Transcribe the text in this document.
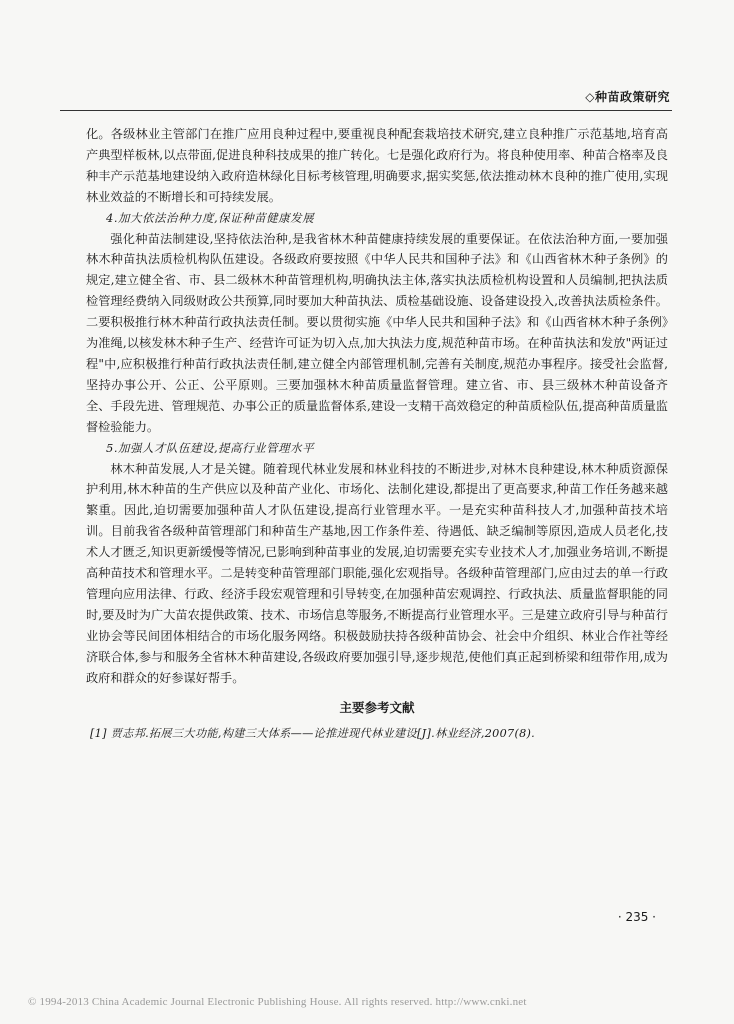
◇种苗政策研究

化。各级林业主管部门在推广应用良种过程中,要重视良种配套栽培技术研究,建立良种推广示范基地,培育高产典型样板林,以点带面,促进良种科技成果的推广转化。七是强化政府行为。将良种使用率、种苗合格率及良种丰产示范基地建设纳入政府造林绿化目标考核管理,明确要求,据实奖惩,依法推动林木良种的推广使用,实现林业效益的不断增长和可持续发展。

4.加大依法治种力度,保证种苗健康发展

强化种苗法制建设,坚持依法治种,是我省林木种苗健康持续发展的重要保证。在依法治种方面,一要加强林木种苗执法质检机构队伍建设。各级政府要按照《中华人民共和国种子法》和《山西省林木种子条例》的规定,建立健全省、市、县二级林木种苗管理机构,明确执法主体,落实执法质检机构设置和人员编制,把执法质检管理经费纳入同级财政公共预算,同时要加大种苗执法、质检基础设施、设备建设投入,改善执法质检条件。二要积极推行林木种苗行政执法责任制。要以贯彻实施《中华人民共和国种子法》和《山西省林木种子条例》为准绳,以核发林木种子生产、经营许可证为切入点,加大执法力度,规范种苗市场。在种苗执法和发放"两证过程"中,应积极推行种苗行政执法责任制,建立健全内部管理机制,完善有关制度,规范办事程序。接受社会监督,坚持办事公开、公正、公平原则。三要加强林木种苗质量监督管理。建立省、市、县三级林木种苗设备齐全、手段先进、管理规范、办事公正的质量监督体系,建设一支精干高效稳定的种苗质检队伍,提高种苗质量监督检验能力。

5.加强人才队伍建设,提高行业管理水平

林木种苗发展,人才是关键。随着现代林业发展和林业科技的不断进步,对林木良种建设,林木种质资源保护利用,林木种苗的生产供应以及种苗产业化、市场化、法制化建设,都提出了更高要求,种苗工作任务越来越繁重。因此,迫切需要加强种苗人才队伍建设,提高行业管理水平。一是充实种苗科技人才,加强种苗技术培训。目前我省各级种苗管理部门和种苗生产基地,因工作条件差、待遇低、缺乏编制等原因,造成人员老化,技术人才匮乏,知识更新缓慢等情况,已影响到种苗事业的发展,迫切需要充实专业技术人才,加强业务培训,不断提高种苗技术和管理水平。二是转变种苗管理部门职能,强化宏观指导。各级种苗管理部门,应由过去的单一行政管理向应用法律、行政、经济手段宏观管理和引导转变,在加强种苗宏观调控、行政执法、质量监督职能的同时,要及时为广大苗农提供政策、技术、市场信息等服务,不断提高行业管理水平。三是建立政府引导与种苗行业协会等民间团体相结合的市场化服务网络。积极鼓励扶持各级种苗协会、社会中介组织、林业合作社等经济联合体,参与和服务全省林木种苗建设,各级政府要加强引导,逐步规范,使他们真正起到桥梁和纽带作用,成为政府和群众的好参谋好帮手。

主要参考文献

[1] 贾志邦.拓展三大功能,构建三大体系——论推进现代林业建设[J].林业经济,2007(8).

· 235 ·
© 1994-2013 China Academic Journal Electronic Publishing House. All rights reserved. http://www.cnki.net
